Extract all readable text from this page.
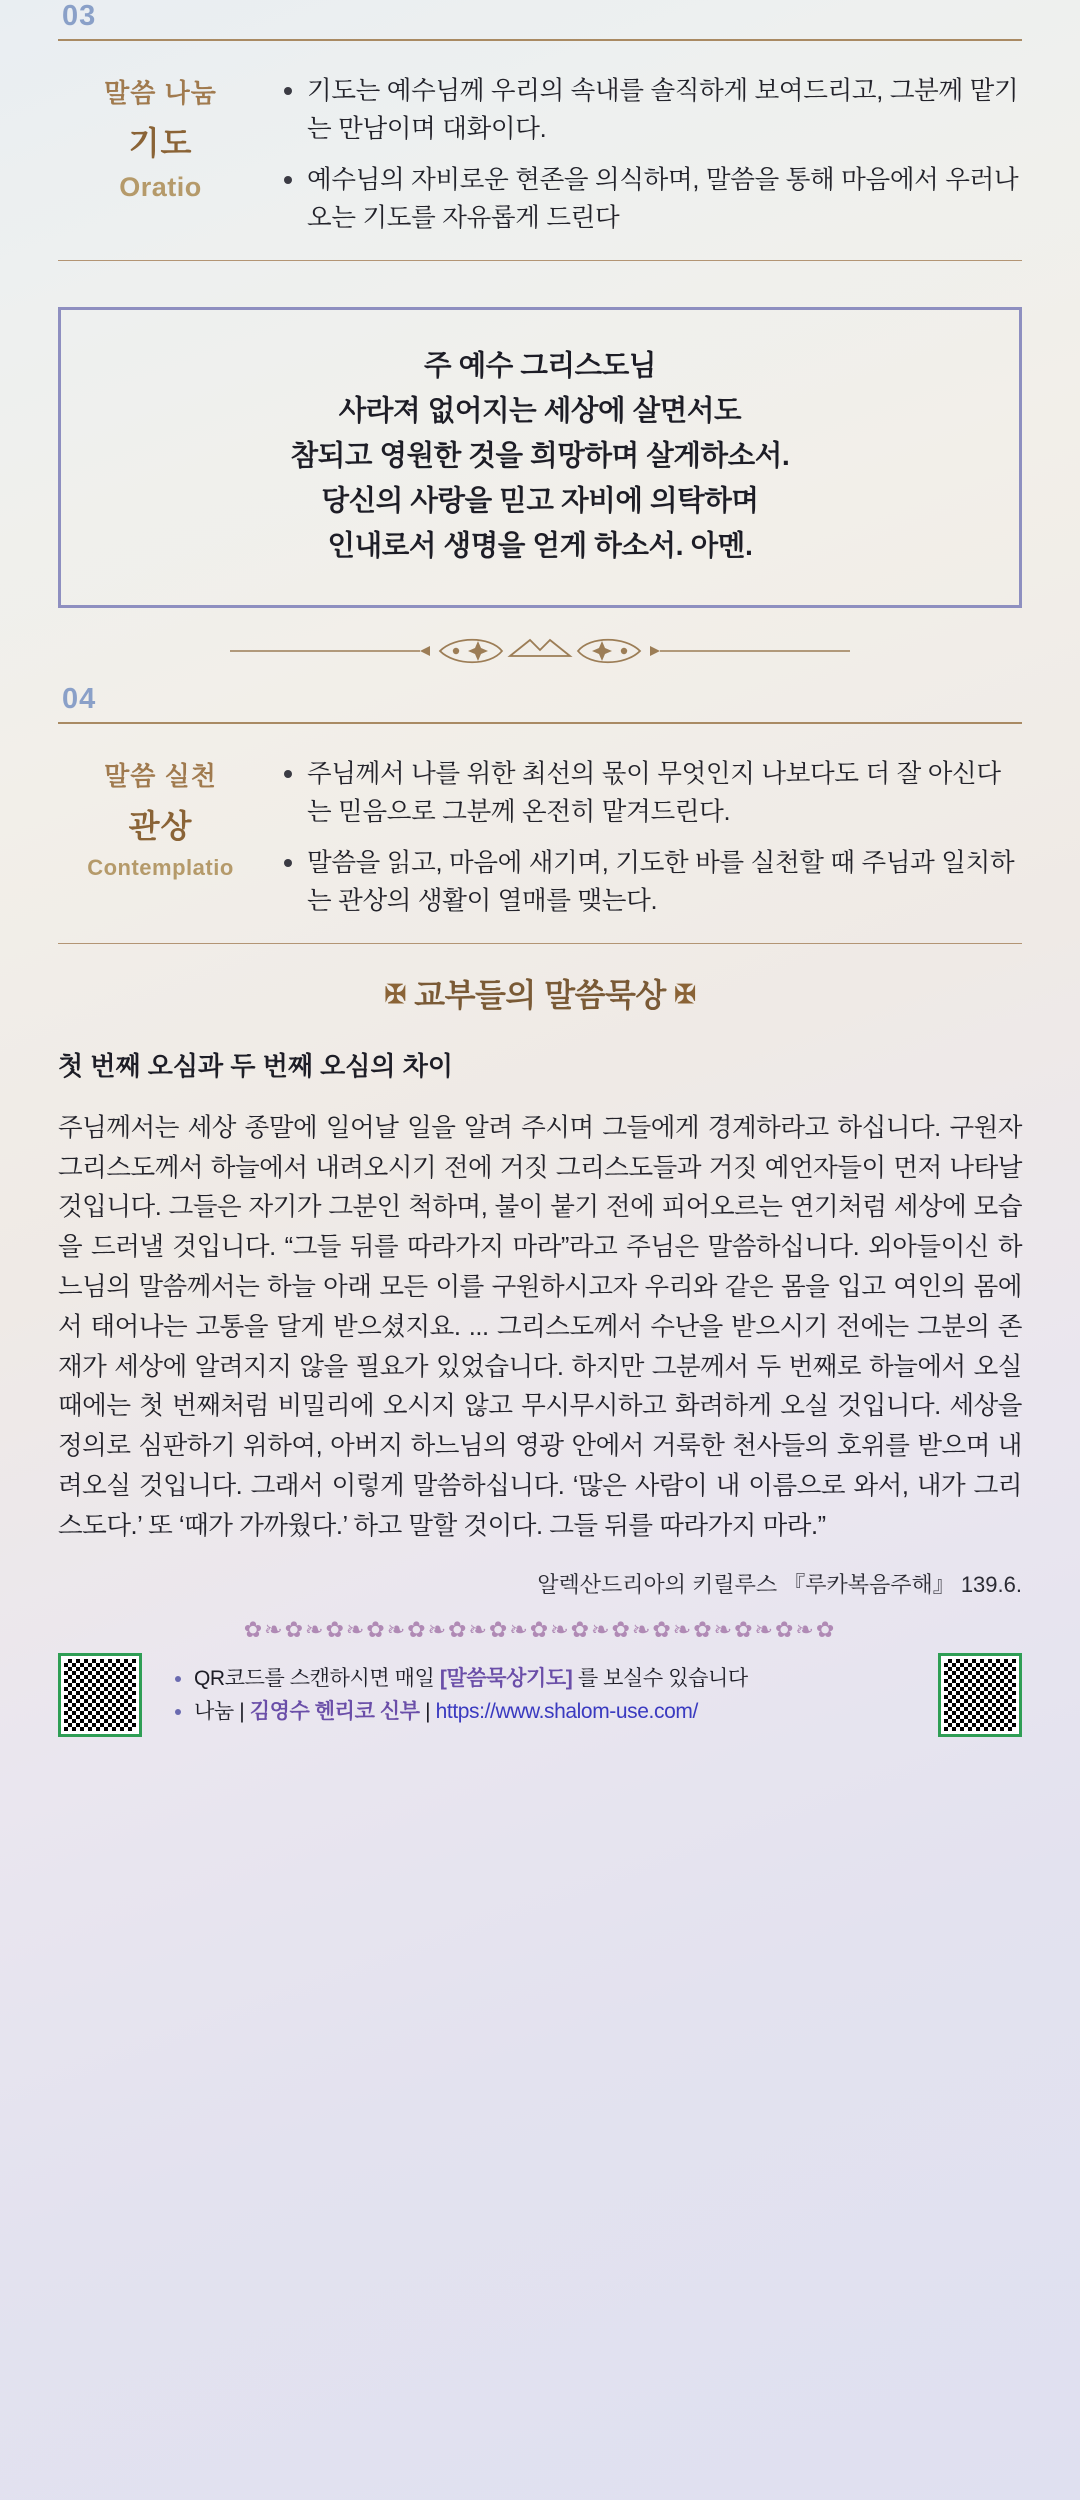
03
말씀 나눔
기도
Oratio
• 기도는 예수님께 우리의 속내를 솔직하게 보여드리고, 그분께 맡기는 만남이며 대화이다.
• 예수님의 자비로운 현존을 의식하며, 말씀을 통해 마음에서 우러나오는 기도를 자유롭게 드린다
주 예수 그리스도님
사라져 없어지는 세상에 살면서도
참되고 영원한 것을 희망하며 살게하소서.
당신의 사랑을 믿고 자비에 의탁하며
인내로서 생명을 얻게 하소서. 아멘.
04
말씀 실천
관상
Contemplatio
• 주님께서 나를 위한 최선의 몫이 무엇인지 나보다도 더 잘 아신다는 믿음으로 그분께 온전히 맡겨드린다.
• 말씀을 읽고, 마음에 새기며, 기도한 바를 실천할 때 주님과 일치하는 관상의 생활이 열매를 맺는다.
✠ 교부들의 말씀묵상 ✠
첫 번째 오심과 두 번째 오심의 차이
주님께서는 세상 종말에 일어날 일을 알려 주시며 그들에게 경계하라고 하십니다. 구원자 그리스도께서 하늘에서 내려오시기 전에 거짓 그리스도들과 거짓 예언자들이 먼저 나타날 것입니다. 그들은 자기가 그분인 척하며, 불이 붙기 전에 피어오르는 연기처럼 세상에 모습을 드러낼 것입니다. “그들 뒤를 따라가지 마라”라고 주님은 말씀하십니다. 외아들이신 하느님의 말씀께서는 하늘 아래 모든 이를 구원하시고자 우리와 같은 몸을 입고 여인의 몸에서 태어나는 고통을 달게 받으셨지요. ... 그리스도께서 수난을 받으시기 전에는 그분의 존재가 세상에 알려지지 않을 필요가 있었습니다. 하지만 그분께서 두 번째로 하늘에서 오실 때에는 첫 번째처럼 비밀리에 오시지 않고 무시무시하고 화려하게 오실 것입니다. 세상을 정의로 심판하기 위하여, 아버지 하느님의 영광 안에서 거룩한 천사들의 호위를 받으며 내려오실 것입니다. 그래서 이렇게 말씀하십니다. ‘많은 사람이 내 이름으로 와서, 내가 그리스도다.’ 또 ‘때가 가까웠다.’ 하고 말할 것이다. 그들 뒤를 따라가지 마라.”
알렉산드리아의 키릴루스 『루카복음주해』 139.6.
✿❧✿❧✿❧✿❧✿❧✿❧✿❧✿❧✿❧✿❧✿❧✿❧✿❧✿❧✿
• QR코드를 스캔하시면 매일 [말씀묵상기도] 를 보실수 있습니다
• 나눔 | 김영수 헨리코 신부 | https://www.shalom-use.com/
